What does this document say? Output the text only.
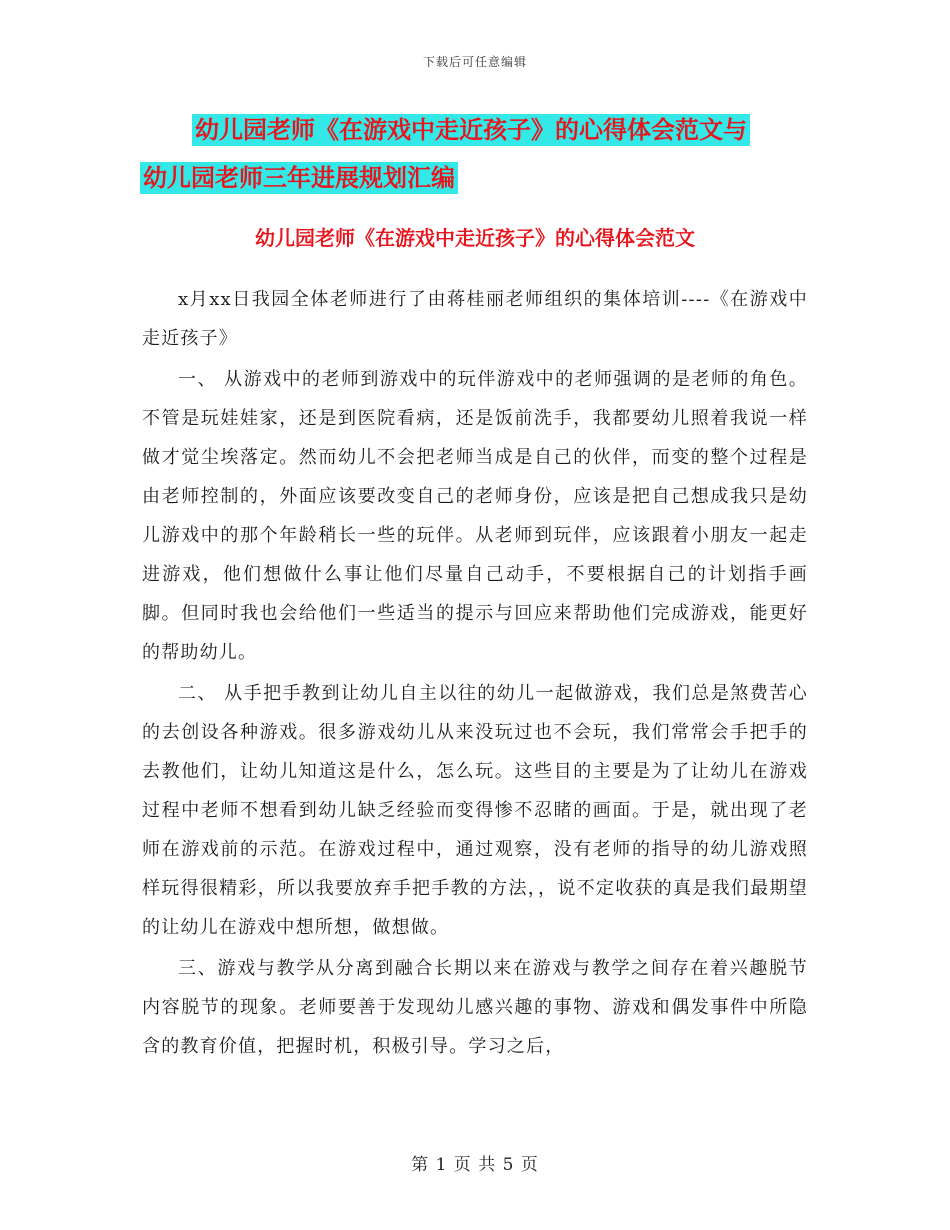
下载后可任意编辑
幼儿园老师《在游戏中走近孩子》的心得体会范文与
幼儿园老师三年进展规划汇编
幼儿园老师《在游戏中走近孩子》的心得体会范文

x月xx日我园全体老师进行了由蒋桂丽老师组织的集体培训----《在游戏中走近孩子》

一、 从游戏中的老师到游戏中的玩伴游戏中的老师强调的是老师的角色。不管是玩娃娃家，还是到医院看病，还是饭前洗手，我都要幼儿照着我说一样做才觉尘埃落定。然而幼儿不会把老师当成是自己的伙伴，而变的整个过程是由老师控制的，外面应该要改变自己的老师身份，应该是把自己想成我只是幼儿游戏中的那个年龄稍长一些的玩伴。从老师到玩伴，应该跟着小朋友一起走进游戏，他们想做什么事让他们尽量自己动手，不要根据自己的计划指手画脚。但同时我也会给他们一些适当的提示与回应来帮助他们完成游戏，能更好的帮助幼儿。

二、 从手把手教到让幼儿自主以往的幼儿一起做游戏，我们总是煞费苦心的去创设各种游戏。很多游戏幼儿从来没玩过也不会玩，我们常常会手把手的去教他们，让幼儿知道这是什么，怎么玩。这些目的主要是为了让幼儿在游戏过程中老师不想看到幼儿缺乏经验而变得惨不忍睹的画面。于是，就出现了老师在游戏前的示范。在游戏过程中，通过观察，没有老师的指导的幼儿游戏照样玩得很精彩，所以我要放弃手把手教的方法，，说不定收获的真是我们最期望的让幼儿在游戏中想所想，做想做。

三、游戏与教学从分离到融合长期以来在游戏与教学之间存在着兴趣脱节内容脱节的现象。老师要善于发现幼儿感兴趣的事物、游戏和偶发事件中所隐含的教育价值，把握时机，积极引导。学习之后，

第 1 页 共 5 页
